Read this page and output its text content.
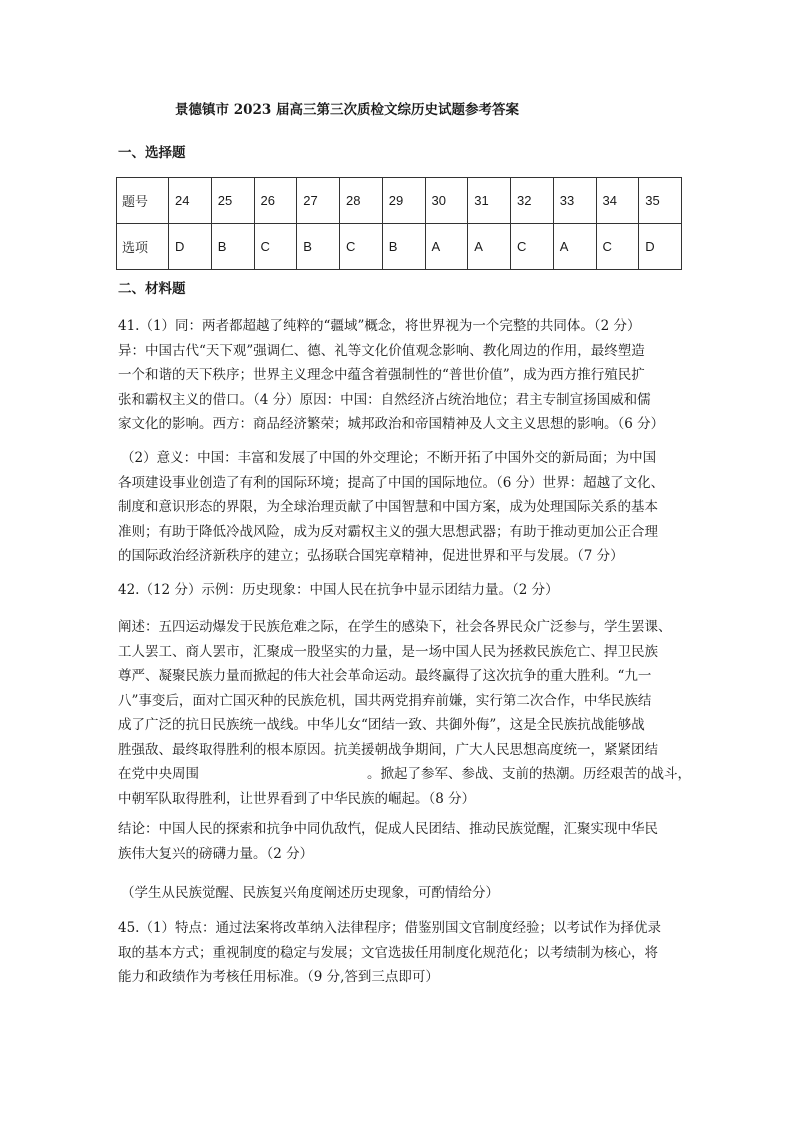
景德镇市 2023 届高三第三次质检文综历史试题参考答案
一、选择题
题号	24	25	26	27	28	29	30	31	32	33	34	35
选项	D	B	C	B	C	B	A	A	C	A	C	D
二、材料题
41.（1）同：两者都超越了纯粹的“疆域”概念，将世界视为一个完整的共同体。（2 分）
异：中国古代“天下观”强调仁、德、礼等文化价值观念影响、教化周边的作用，最终塑造
一个和谐的天下秩序；世界主义理念中蕴含着强制性的“普世价值”，成为西方推行殖民扩
张和霸权主义的借口。（4 分）原因：中国：自然经济占统治地位；君主专制宣扬国威和儒
家文化的影响。西方：商品经济繁荣；城邦政治和帝国精神及人文主义思想的影响。（6 分）
（2）意义：中国：丰富和发展了中国的外交理论；不断开拓了中国外交的新局面；为中国
各项建设事业创造了有利的国际环境；提高了中国的国际地位。（6 分）世界：超越了文化、
制度和意识形态的界限，为全球治理贡献了中国智慧和中国方案，成为处理国际关系的基本
准则；有助于降低冷战风险，成为反对霸权主义的强大思想武器；有助于推动更加公正合理
的国际政治经济新秩序的建立；弘扬联合国宪章精神，促进世界和平与发展。（7 分）
42.（12 分）示例：历史现象：中国人民在抗争中显示团结力量。（2 分）
阐述：五四运动爆发于民族危难之际，在学生的感染下，社会各界民众广泛参与，学生罢课、
工人罢工、商人罢市，汇聚成一股坚实的力量，是一场中国人民为拯救民族危亡、捍卫民族
尊严、凝聚民族力量而掀起的伟大社会革命运动。最终赢得了这次抗争的重大胜利。“九一
八”事变后，面对亡国灭种的民族危机，国共两党捐弃前嫌，实行第二次合作，中华民族结
成了广泛的抗日民族统一战线。中华儿女“团结一致、共御外侮”，这是全民族抗战能够战
胜强敌、最终取得胜利的根本原因。抗美援朝战争期间，广大人民思想高度统一，紧紧团结
在党中央周围	。掀起了参军、参战、支前的热潮。历经艰苦的战斗，
中朝军队取得胜利，让世界看到了中华民族的崛起。（8 分）
结论：中国人民的探索和抗争中同仇敌忾，促成人民团结、推动民族觉醒，汇聚实现中华民
族伟大复兴的磅礴力量。（2 分）
（学生从民族觉醒、民族复兴角度阐述历史现象，可酌情给分）
45.（1）特点：通过法案将改革纳入法律程序；借鉴别国文官制度经验；以考试作为择优录
取的基本方式；重视制度的稳定与发展；文官选拔任用制度化规范化；以考绩制为核心，将
能力和政绩作为考核任用标准。（9 分,答到三点即可）
